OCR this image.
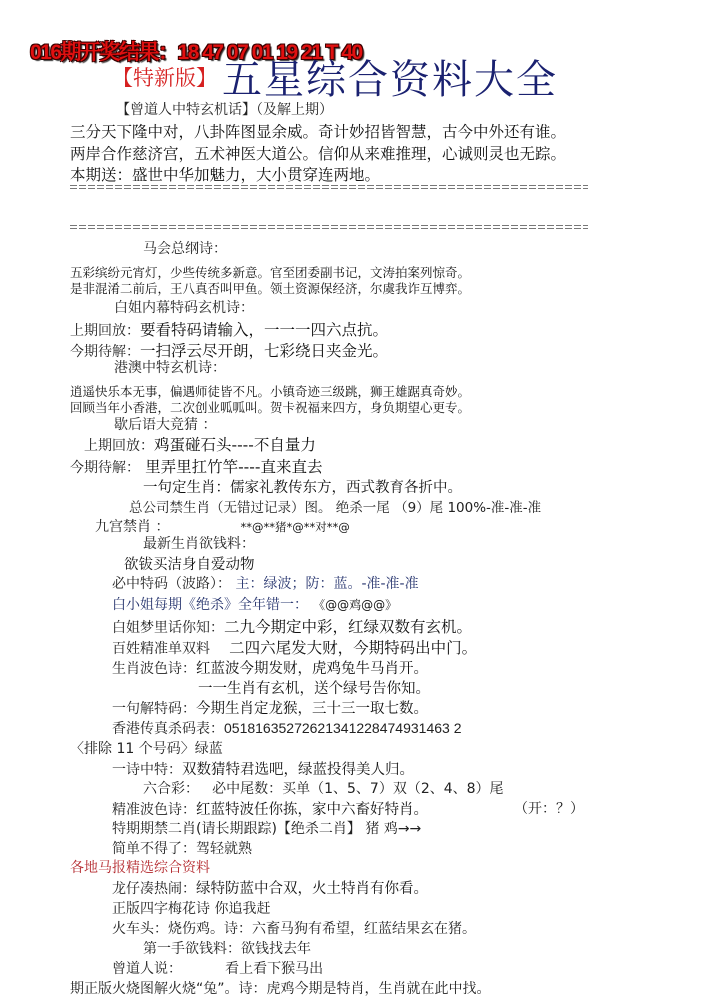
016期开奖结果：18 47 07 01 19 21 T 40
【特新版】 五星综合资料大全
【曾道人中特玄机话】（及解上期）
三分天下隆中对，八卦阵图显余威。奇计妙招皆智慧，古今中外还有谁。
两岸合作慈济宫，五术神医大道公。信仰从来难推理，心诚则灵也无踪。
本期送：盛世中华加魅力，大小贯穿连两地。
马会总纲诗：
五彩缤纷元宵灯，少些传统多新意。官至团委副书记，文涛拍案列惊奇。
是非混淆二前后，王八真否叫甲鱼。领土资源保经济，尔虞我诈互博弈。
白姐内幕特码玄机诗：
上期回放：要看特码请输入，一一一四六点抗。
今期待解：一扫浮云尽开朗，七彩绕日夹金光。
港澳中特玄机诗：
逍遥快乐本无事，偏遇师徒皆不凡。小镇奇迹三级跳，狮王雄踞真奇妙。
回顾当年小香港，二次创业呱呱叫。贺卡祝福来四方，身负期望心更专。
歇后语大竞猜 ：
上期回放：鸡蛋碰石头----不自量力
今期待解： 里弄里扛竹竿----直来直去
一句定生肖：儒家礼教传东方，西式教育各折中。
总公司禁生肖（无错过记录）图。 绝杀一尾 （9）尾 100%-准-准-准
九宫禁肖 ：	**@**猪*@**对**@
最新生肖欲钱料：
欲钹买洁身自爱动物
必中特码（波路）： 主：绿波；防：蓝。-准-准-准
白小姐每期《绝杀》全年错一： 《@@鸡@@》
白姐梦里话你知：二九今期定中彩，红绿双数有玄机。
百姓精准单双料 二四六尾发大财，今期特码出中门。
生肖波色诗：红蓝波今期发财，虎鸡兔牛马肖开。
一一生肖有玄机，送个绿号告你知。
一句解特码：今期生肖定龙猴，三十三一取七数。
香港传真杀码表：05181635272621341228474931463 2
〈排除 11 个号码〉绿蓝
一诗中特：双数猜特君选吧，绿蓝投得美人归。
六合彩： 必中尾数：买单（1、5、7）双（2、4、8）尾
精准波色诗：红蓝特波任你拣，家中六畜好特肖。	（开：？）
特期期禁二肖(请长期跟踪)【绝杀二肖】 猪 鸡→→
简单不得了：驾轻就熟
各地马报精选综合资料
龙仔凑热闹：绿特防蓝中合双，火土特肖有你看。
正版四字梅花诗 你追我赶
火车头：烧伤鸡。诗：六畜马狗有希望，红蓝结果玄在猪。
第一手欲钱料：欲钱找去年
曾道人说：	看上看下猴马出
期正版火烧图解火烧“兔”。诗：虎鸡今期是特肖，生肖就在此中找。
